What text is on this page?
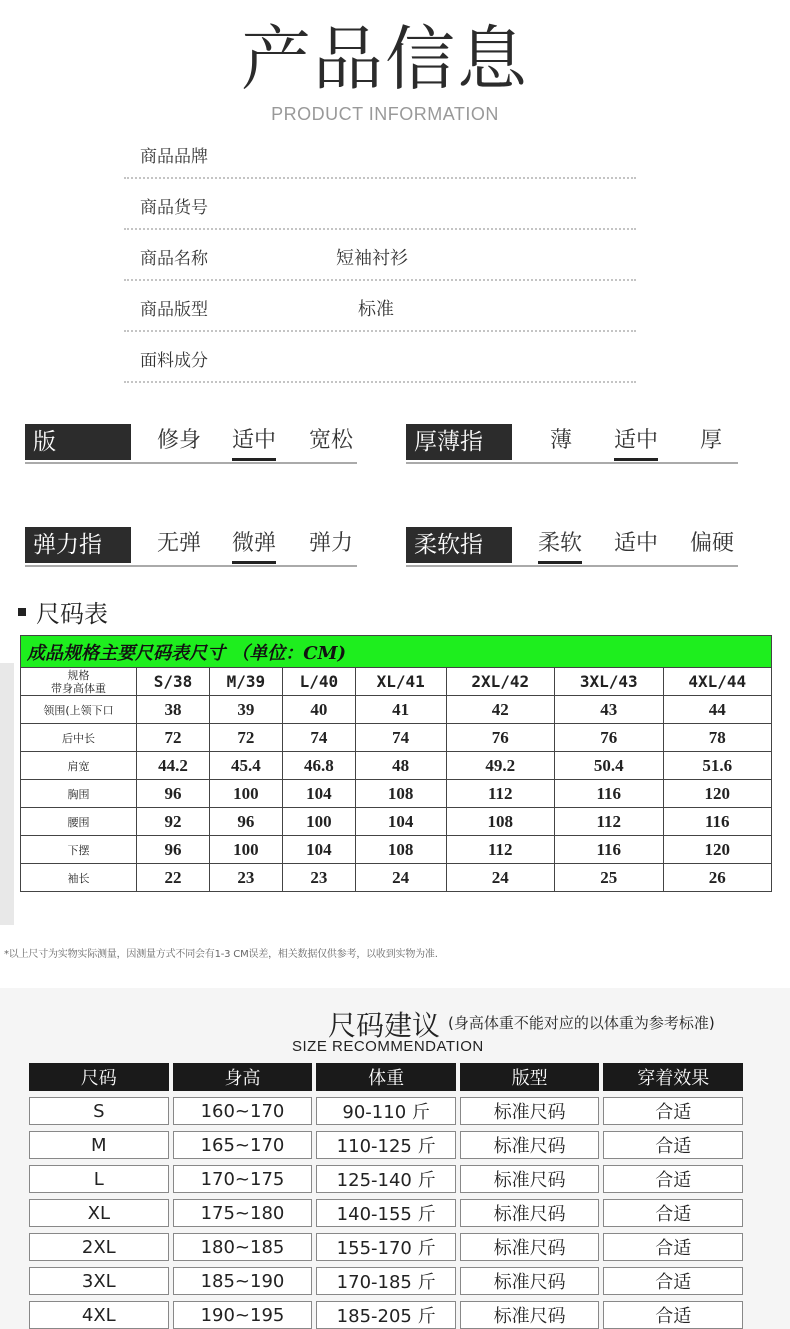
产品信息
PRODUCT INFORMATION
商品品牌
商品货号
商品名称	短袖衬衫
商品版型	标准
面料成分
版　型
修身 适中 宽松	厚薄指数
薄 适中 厚
弹力指数
无弹 微弹 弹力	柔软指数
柔软 适中 偏硬
尺码表
成品规格主要尺码表尺寸 （单位：CM)							
规格
带身高体重	S/38	M/39	L/40	XL/41	2XL/42	3XL/43	4XL/44
领围(上领下口	38	39	40	41	42	43	44
后中长	72	72	74	74	76	76	78
肩宽	44.2	45.4	46.8	48	49.2	50.4	51.6
胸围	96	100	104	108	112	116	120
腰围	92	96	100	104	108	112	116
下摆	96	100	104	108	112	116	120
袖长	22	23	23	24	24	25	26
*以上尺寸为实物实际测量，因测量方式不同会有1-3 CM误差，相关数据仅供参考，以收到实物为准.
尺码建议 (身高体重不能对应的以体重为参考标准)
SIZE RECOMMENDATION
尺码	身高	体重	版型	穿着效果
S	160~170	90-110 斤	标准尺码	合适
M	165~170	110-125 斤	标准尺码	合适
L	170~175	125-140 斤	标准尺码	合适
XL	175~180	140-155 斤	标准尺码	合适
2XL	180~185	155-170 斤	标准尺码	合适
3XL	185~190	170-185 斤	标准尺码	合适
4XL	190~195	185-205 斤	标准尺码	合适
